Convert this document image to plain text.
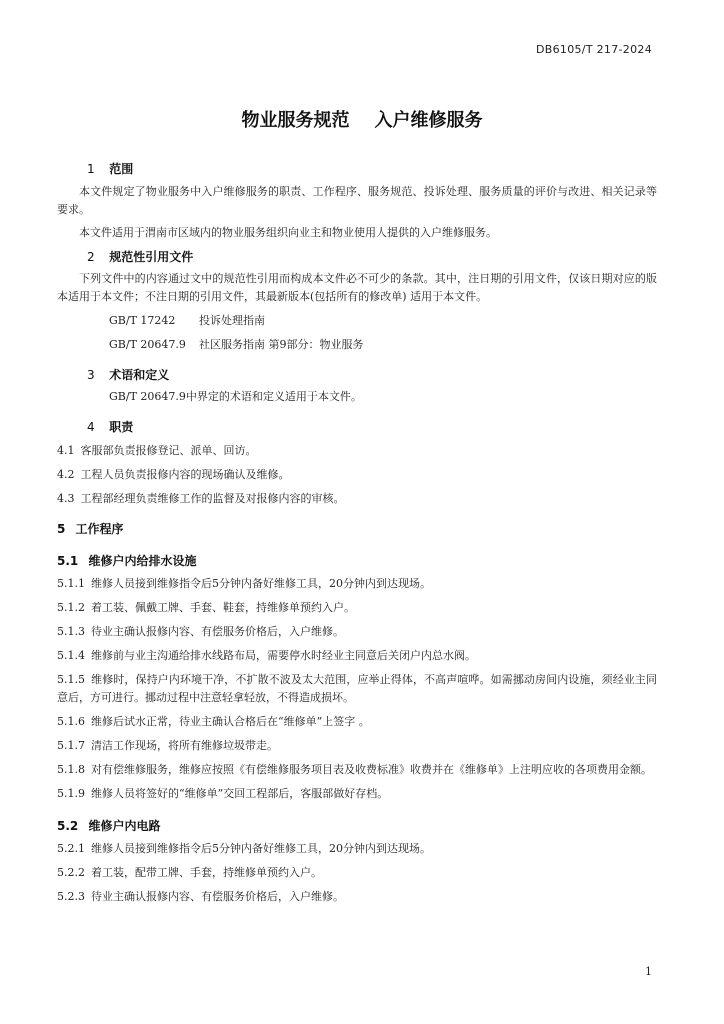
DB6105/T 217-2024
物业服务规范    入户维修服务
1 范围

本文件规定了物业服务中入户维修服务的职责、工作程序、服务规范、投诉处理、服务质量的评价与改进、相关记录等要求。

本文件适用于渭南市区域内的物业服务组织向业主和物业使用人提供的入户维修服务。

2 规范性引用文件

下列文件中的内容通过文中的规范性引用而构成本文件必不可少的条款。其中，注日期的引用文件，仅该日期对应的版本适用于本文件；不注日期的引用文件，其最新版本(包括所有的修改单) 适用于本文件。

GB/T 17242 投诉处理指南

GB/T 20647.9 社区服务指南 第9部分：物业服务

3 术语和定义

GB/T 20647.9中界定的术语和定义适用于本文件。

4 职责

4.1 客服部负责报修登记、派单、回访。

4.2 工程人员负责报修内容的现场确认及维修。

4.3 工程部经理负责维修工作的监督及对报修内容的审核。

5 工作程序
5.1 维修户内给排水设施

5.1.1 维修人员接到维修指令后5分钟内备好维修工具，20分钟内到达现场。

5.1.2 着工装、佩戴工牌、手套、鞋套，持维修单预约入户。

5.1.3 待业主确认报修内容、有偿服务价格后，入户维修。

5.1.4 维修前与业主沟通给排水线路布局，需要停水时经业主同意后关闭户内总水阀。

5.1.5 维修时，保持户内环境干净，不扩散不波及太大范围，应举止得体，不高声喧哗。如需挪动房间内设施，须经业主同意后，方可进行。挪动过程中注意轻拿轻放，不得造成损坏。

5.1.6 维修后试水正常，待业主确认合格后在“维修单”上签字 。

5.1.7 清洁工作现场，将所有维修垃圾带走。

5.1.8 对有偿维修服务，维修应按照《有偿维修服务项目表及收费标准》收费并在《维修单》上注明应收的各项费用金额。

5.1.9 维修人员将签好的“维修单”交回工程部后，客服部做好存档。

5.2 维修户内电路

5.2.1 维修人员接到维修指令后5分钟内备好维修工具，20分钟内到达现场。

5.2.2 着工装，配带工牌、手套，持维修单预约入户。

5.2.3 待业主确认报修内容、有偿服务价格后，入户维修。

1
